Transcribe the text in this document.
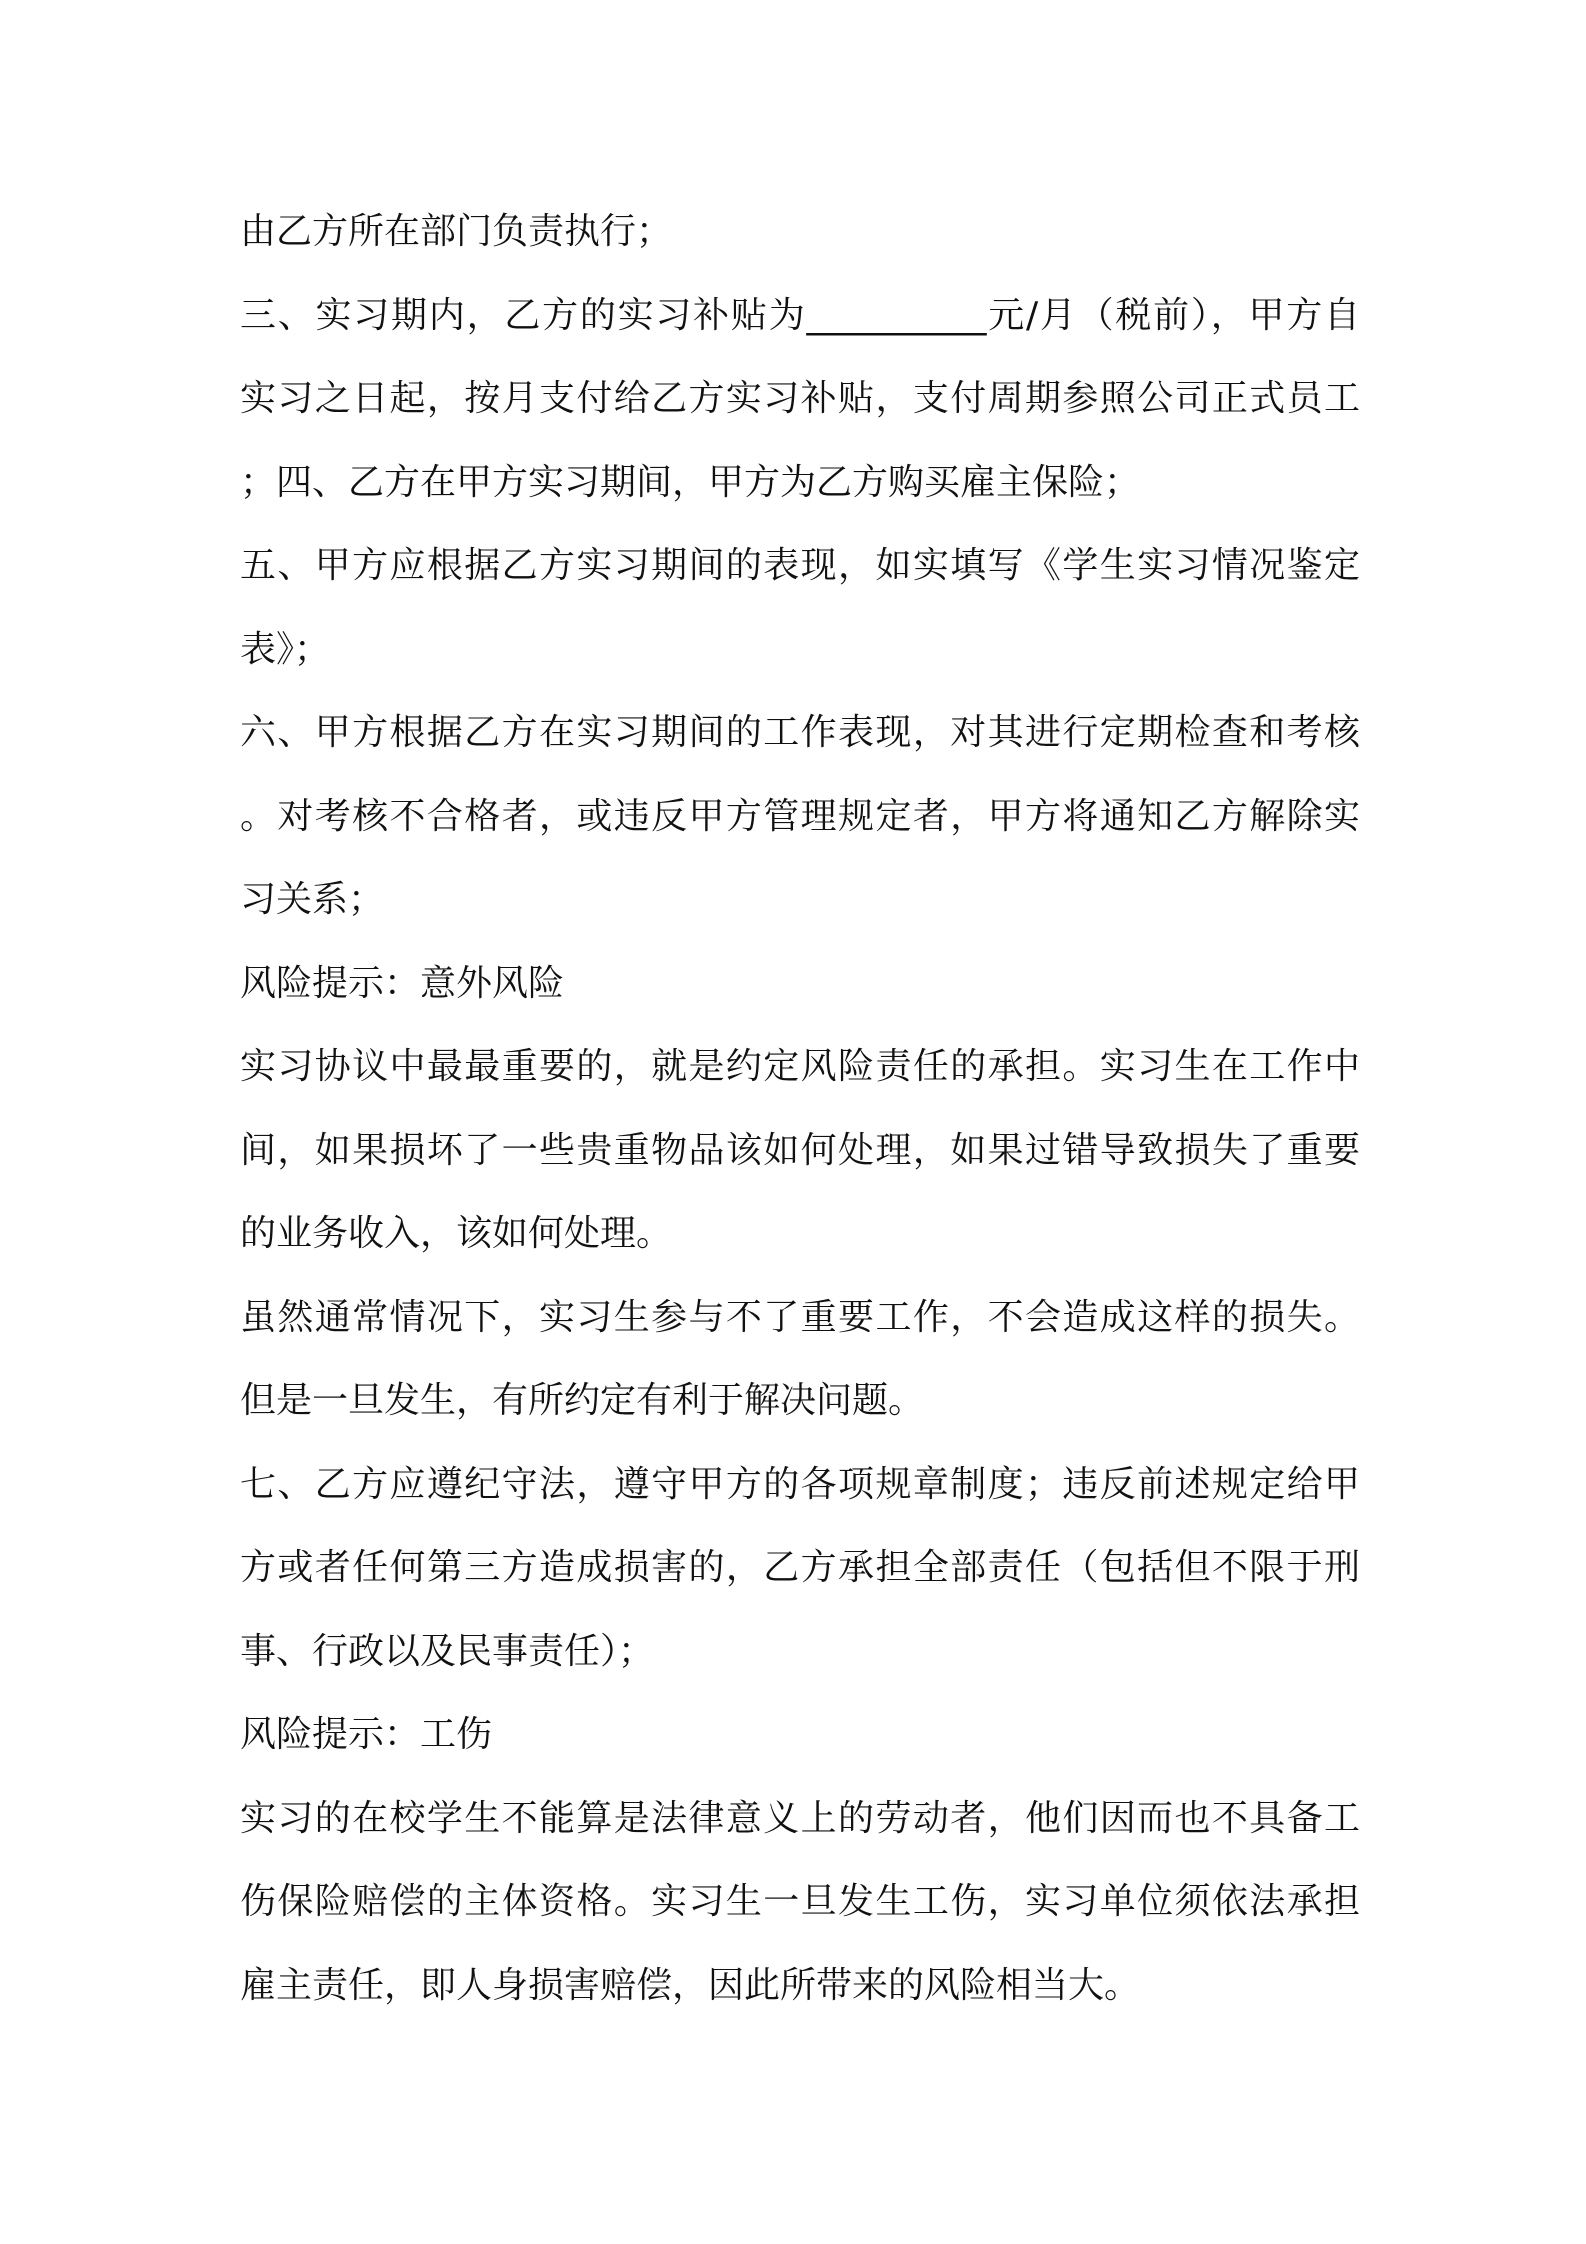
由乙方所在部门负责执行；
三、实习期内，乙方的实习补贴为__________元/月（税前），甲方自
实习之日起，按月支付给乙方实习补贴，支付周期参照公司正式员工
；四、乙方在甲方实习期间，甲方为乙方购买雇主保险；
五、甲方应根据乙方实习期间的表现，如实填写《学生实习情况鉴定
表》；
六、甲方根据乙方在实习期间的工作表现，对其进行定期检查和考核
。对考核不合格者，或违反甲方管理规定者，甲方将通知乙方解除实
习关系；
风险提示：意外风险
实习协议中最最重要的，就是约定风险责任的承担。实习生在工作中
间，如果损坏了一些贵重物品该如何处理，如果过错导致损失了重要
的业务收入，该如何处理。
虽然通常情况下，实习生参与不了重要工作，不会造成这样的损失。
但是一旦发生，有所约定有利于解决问题。
七、乙方应遵纪守法，遵守甲方的各项规章制度；违反前述规定给甲
方或者任何第三方造成损害的，乙方承担全部责任（包括但不限于刑
事、行政以及民事责任）；
风险提示：工伤
实习的在校学生不能算是法律意义上的劳动者，他们因而也不具备工
伤保险赔偿的主体资格。实习生一旦发生工伤，实习单位须依法承担
雇主责任，即人身损害赔偿，因此所带来的风险相当大。
